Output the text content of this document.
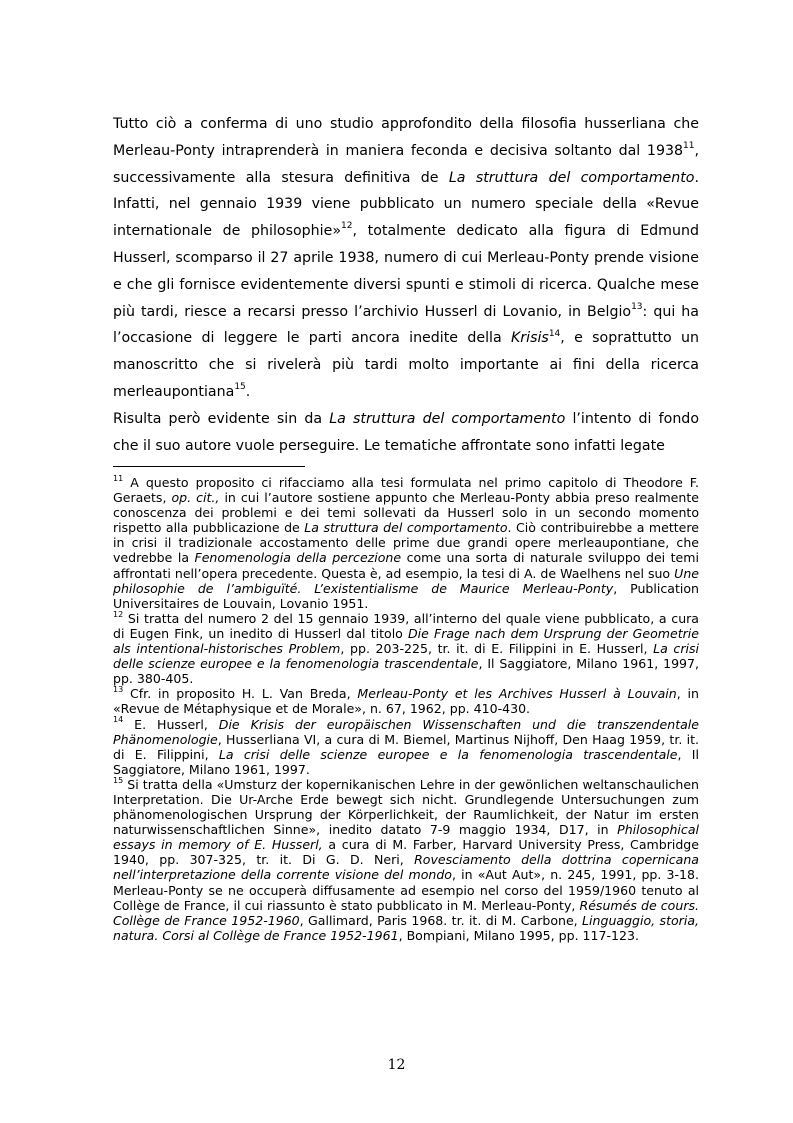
Tutto ciò a conferma di uno studio approfondito della filosofia husserliana che Merleau-Ponty intraprenderà in maniera feconda e decisiva soltanto dal 1938$^{11}$, successivamente alla stesura definitiva de La struttura del comportamento. Infatti, nel gennaio 1939 viene pubblicato un numero speciale della «Revue internationale de philosophie»$^{12}$, totalmente dedicato alla figura di Edmund Husserl, scomparso il 27 aprile 1938, numero di cui Merleau-Ponty prende visione e che gli fornisce evidentemente diversi spunti e stimoli di ricerca. Qualche mese più tardi, riesce a recarsi presso l’archivio Husserl di Lovanio, in Belgio$^{13}$: qui ha l’occasione di leggere le parti ancora inedite della Krisis$^{14}$, e soprattutto un manoscritto che si rivelerà più tardi molto importante ai fini della ricerca merleaupontiana$^{15}$.

Risulta però evidente sin da La struttura del comportamento l’intento di fondo che il suo autore vuole perseguire. Le tematiche affrontate sono infatti legate

$^{11}$ A questo proposito ci rifacciamo alla tesi formulata nel primo capitolo di Theodore F. Geraets, op. cit., in cui l’autore sostiene appunto che Merleau-Ponty abbia preso realmente conoscenza dei problemi e dei temi sollevati da Husserl solo in un secondo momento rispetto alla pubblicazione de La struttura del comportamento. Ciò contribuirebbe a mettere in crisi il tradizionale accostamento delle prime due grandi opere merleaupontiane, che vedrebbe la Fenomenologia della percezione come una sorta di naturale sviluppo dei temi affrontati nell’opera precedente. Questa è, ad esempio, la tesi di A. de Waelhens nel suo Une philosophie de l’ambiguïté. L’existentialisme de Maurice Merleau-Ponty, Publication Universitaires de Louvain, Lovanio 1951.

$^{12}$ Si tratta del numero 2 del 15 gennaio 1939, all’interno del quale viene pubblicato, a cura di Eugen Fink, un inedito di Husserl dal titolo Die Frage nach dem Ursprung der Geometrie als intentional-historisches Problem, pp. 203-225, tr. it. di E. Filippini in E. Husserl, La crisi delle scienze europee e la fenomenologia trascendentale, Il Saggiatore, Milano 1961, 1997, pp. 380-405.

$^{13}$ Cfr. in proposito H. L. Van Breda, Merleau-Ponty et les Archives Husserl à Louvain, in «Revue de Métaphysique et de Morale», n. 67, 1962, pp. 410-430.

$^{14}$ E. Husserl, Die Krisis der europäischen Wissenschaften und die transzendentale Phänomenologie, Husserliana VI, a cura di M. Biemel, Martinus Nijhoff, Den Haag 1959, tr. it. di E. Filippini, La crisi delle scienze europee e la fenomenologia trascendentale, Il Saggiatore, Milano 1961, 1997.

$^{15}$ Si tratta della «Umsturz der kopernikanischen Lehre in der gewönlichen weltanschaulichen Interpretation. Die Ur-Arche Erde bewegt sich nicht. Grundlegende Untersuchungen zum phänomenologischen Ursprung der Körperlichkeit, der Raumlichkeit, der Natur im ersten naturwissenschaftlichen Sinne», inedito datato 7-9 maggio 1934, D17, in Philosophical essays in memory of E. Husserl, a cura di M. Farber, Harvard University Press, Cambridge 1940, pp. 307-325, tr. it. Di G. D. Neri, Rovesciamento della dottrina copernicana nell’interpretazione della corrente visione del mondo, in «Aut Aut», n. 245, 1991, pp. 3-18. Merleau-Ponty se ne occuperà diffusamente ad esempio nel corso del 1959/1960 tenuto al Collège de France, il cui riassunto è stato pubblicato in M. Merleau-Ponty, Résumés de cours. Collège de France 1952-1960, Gallimard, Paris 1968. tr. it. di M. Carbone, Linguaggio, storia, natura. Corsi al Collège de France 1952-1961, Bompiani, Milano 1995, pp. 117-123.

12
